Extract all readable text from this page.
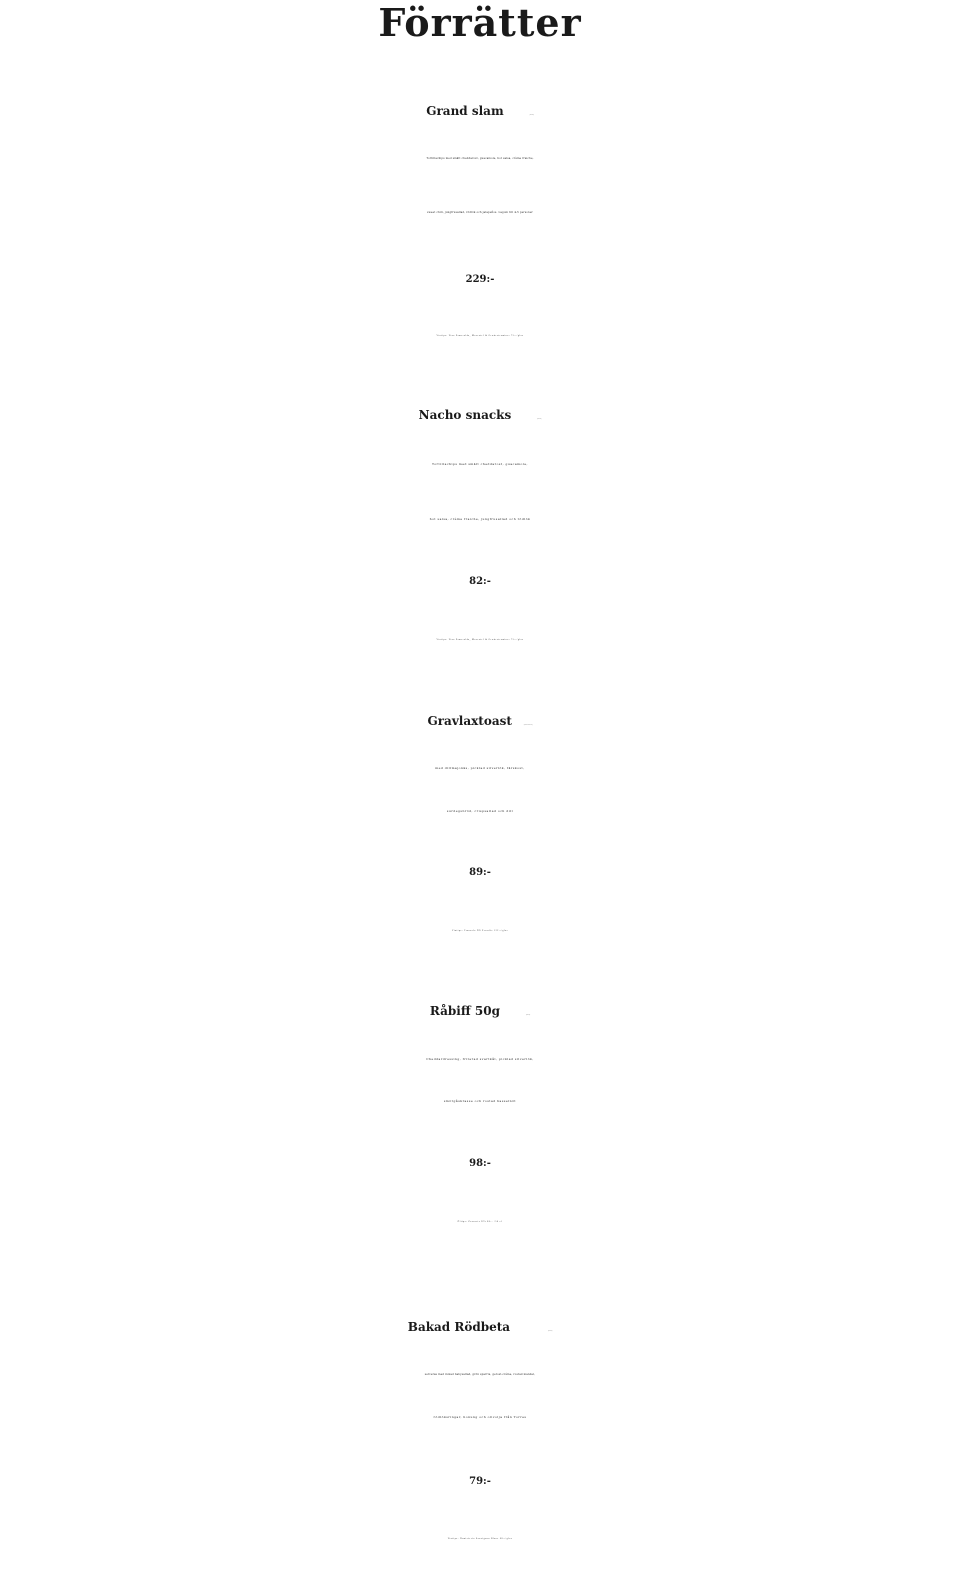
Förrätter
Grand slam	(glutenfri)
Tortillachips med smält cheddarost, guacamole, hot salsa, crème fraiche,
sweet chili, jungfrusallad, rödlök och jalapeños. Lagom till 4-5 personer
229:-
Vintips: Vina Esmeralda, Moscatel & Gewürztraminer 75:-/glas
Nacho snacks	(glutenfri)
Tortillachips med smält cheddarost, guacamole,
hot salsa, crème fraiche, jungfrusallad och rödlök
82:-
Vintips: Vina Esmeralda, Moscatel & Gewürztraminer 75:-/glas
Gravlaxtoast	(glutenfri annat bröd)
med dillmajonäs, picklad silverlök, färskost,
surdegsbröd, crispsallad och dill
89:-
Vintips: Fransola DO Penedés 122:-/glas
Råbiff 50g	(glutenfri)
Cheddardressing, friterad svartkål, picklad silverlök,
smörgåskrasse och rostad hasselnöt
98:-
Öltips: Zeunerts IPA 68:– /50 cl
Bakad Rödbeta	(glutenfri)
serveras med mixad babysallad, grön sparris, getost-créme, rostad mandel,
rödlöksringar, honung och olivolja från Torres
79:-
Vintips: Hemisferio Sauvignon Blanc 68:-/glas
